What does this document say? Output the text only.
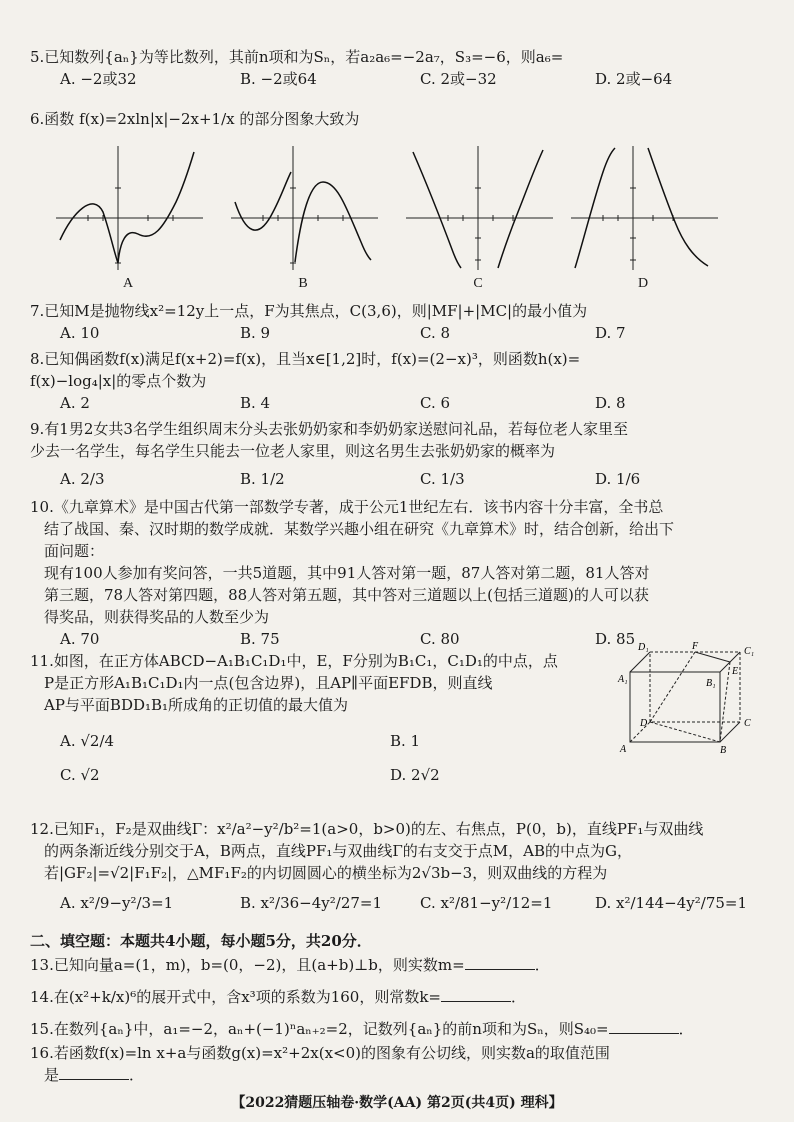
5.已知数列{aₙ}为等比数列，其前n项和为Sₙ，若a₂a₆=−2a₇，S₃=−6，则a₆=
A. −2或32	B. −2或64	C. 2或−32	D. 2或−64
6.函数 f(x)=2xln|x|−2x+1/x 的部分图象大致为
A	B	C	D
7.已知M是抛物线x²=12y上一点，F为其焦点，C(3,6)，则|MF|+|MC|的最小值为
A. 10	B. 9	C. 8	D. 7
8.已知偶函数f(x)满足f(x+2)=f(x)，且当x∈[1,2]时，f(x)=(2−x)³，则函数h(x)=
f(x)−log₄|x|的零点个数为
A. 2	B. 4	C. 6	D. 8
9.有1男2女共3名学生组织周末分头去张奶奶家和李奶奶家送慰问礼品，若每位老人家里至
少去一名学生，每名学生只能去一位老人家里，则这名男生去张奶奶家的概率为
A. 2/3	B. 1/2	C. 1/3	D. 1/6
10.《九章算术》是中国古代第一部数学专著，成于公元1世纪左右．该书内容十分丰富，全书总
结了战国、秦、汉时期的数学成就．某数学兴趣小组在研究《九章算术》时，结合创新，给出下
面问题：
现有100人参加有奖问答，一共5道题，其中91人答对第一题，87人答对第二题，81人答对
第三题，78人答对第四题，88人答对第五题，其中答对三道题以上(包括三道题)的人可以获
得奖品，则获得奖品的人数至少为
A. 70	B. 75	C. 80	D. 85
11.如图，在正方体ABCD−A₁B₁C₁D₁中，E，F分别为B₁C₁，C₁D₁的中点，点
P是正方形A₁B₁C₁D₁内一点(包含边界)，且AP∥平面EFDB，则直线
AP与平面BDD₁B₁所成角的正切值的最大值为
A. √2/4	B. 1
C. √2	D. 2√2
D₁	F	C₁
A₁	B₁
E
D	C
A	B
12.已知F₁，F₂是双曲线Γ：x²/a²−y²/b²=1(a>0，b>0)的左、右焦点，P(0，b)，直线PF₁与双曲线
的两条渐近线分别交于A，B两点，直线PF₁与双曲线Γ的右支交于点M，AB的中点为G，
若|GF₂|=√2|F₁F₂|，△MF₁F₂的内切圆圆心的横坐标为2√3b−3，则双曲线的方程为
A. x²/9−y²/3=1	B. x²/36−4y²/27=1	C. x²/81−y²/12=1	D. x²/144−4y²/75=1
二、填空题：本题共4小题，每小题5分，共20分．
13.已知向量a=(1，m)，b=(0，−2)，且(a+b)⊥b，则实数m=	．
14.在(x²+k/x)⁶的展开式中，含x³项的系数为160，则常数k=	．
15.在数列{aₙ}中，a₁=−2，aₙ+(−1)ⁿaₙ₊₂=2，记数列{aₙ}的前n项和为Sₙ，则S₄₀=	．
16.若函数f(x)=ln x+a与函数g(x)=x²+2x(x<0)的图象有公切线，则实数a的取值范围
是	．
【2022猜题压轴卷·数学(AA) 第2页(共4页) 理科】
